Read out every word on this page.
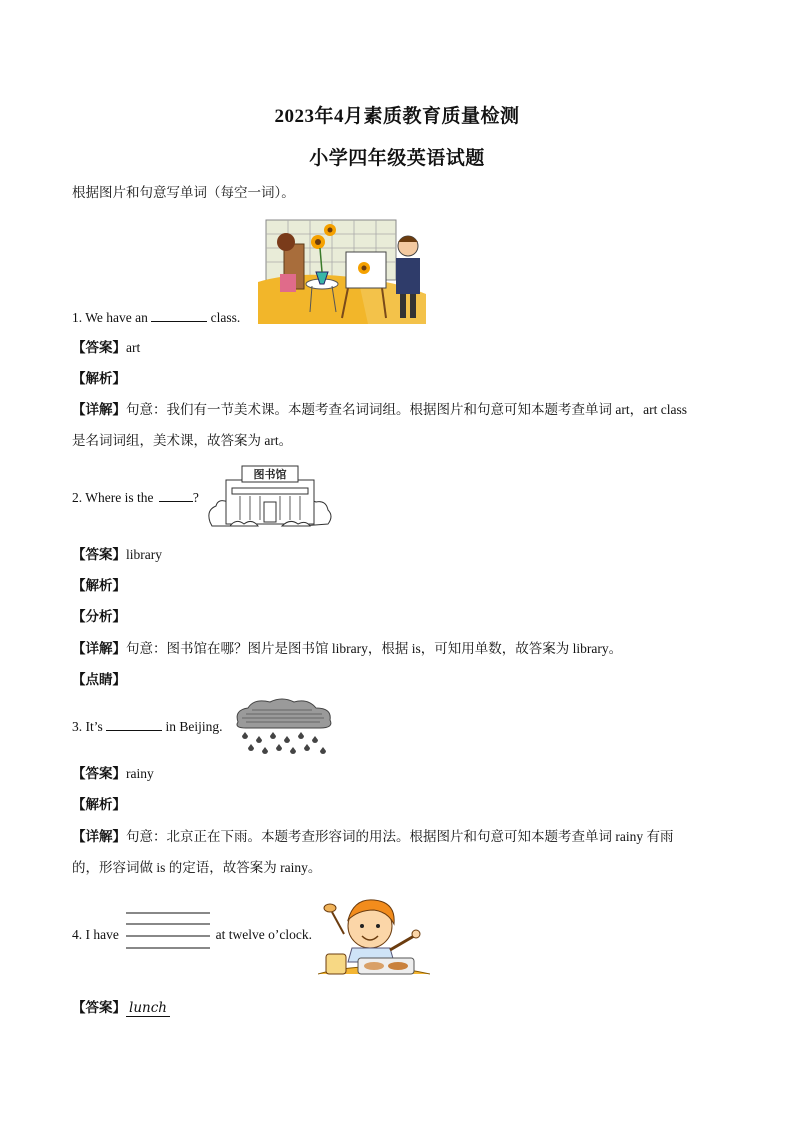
2023年4月素质教育质量检测
小学四年级英语试题
根据图片和句意写单词（每空一词）。
1. We have an	class.
【答案】art
【解析】
【详解】句意：我们有一节美术课。本题考查名词词组。根据图片和句意可知本题考查单词 art，art class
是名词词组，美术课，故答案为 art。
图书馆
2. Where is the	?
【答案】library
【解析】
【分析】
【详解】句意：图书馆在哪？图片是图书馆 library，根据 is，可知用单数，故答案为 library。
【点睛】
3. It’s	in Beijing.
【答案】rainy
【解析】
【详解】句意：北京正在下雨。本题考查形容词的用法。根据图片和句意可知本题考查单词 rainy 有雨
的，形容词做 is 的定语，故答案为 rainy。
4. I have	at twelve o’clock.
【答案】 lunch
